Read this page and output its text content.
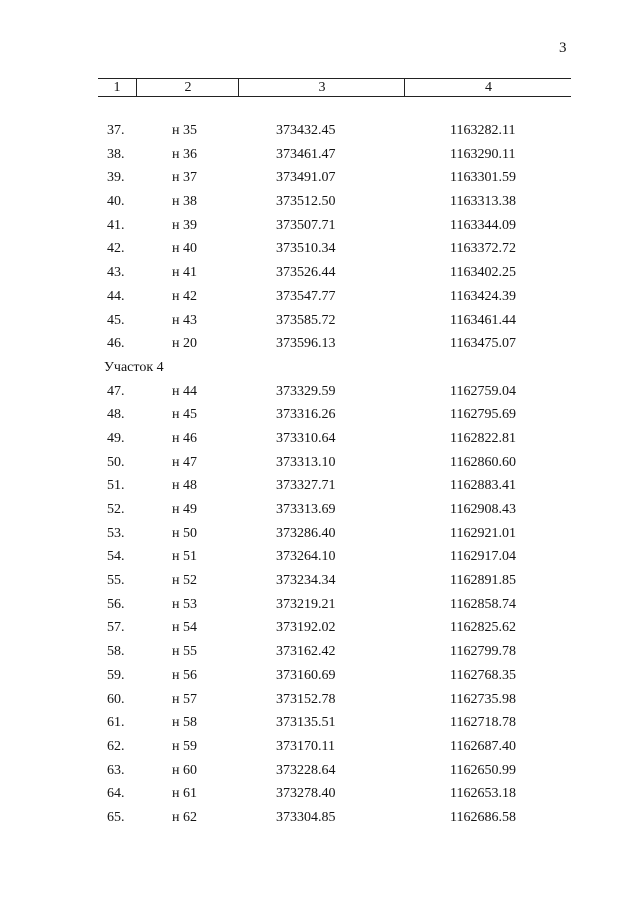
3
1	2	3	4
37.	н 35	373432.45	1163282.11
38.	н 36	373461.47	1163290.11
39.	н 37	373491.07	1163301.59
40.	н 38	373512.50	1163313.38
41.	н 39	373507.71	1163344.09
42.	н 40	373510.34	1163372.72
43.	н 41	373526.44	1163402.25
44.	н 42	373547.77	1163424.39
45.	н 43	373585.72	1163461.44
46.	н 20	373596.13	1163475.07
Участок 4
47.	н 44	373329.59	1162759.04
48.	н 45	373316.26	1162795.69
49.	н 46	373310.64	1162822.81
50.	н 47	373313.10	1162860.60
51.	н 48	373327.71	1162883.41
52.	н 49	373313.69	1162908.43
53.	н 50	373286.40	1162921.01
54.	н 51	373264.10	1162917.04
55.	н 52	373234.34	1162891.85
56.	н 53	373219.21	1162858.74
57.	н 54	373192.02	1162825.62
58.	н 55	373162.42	1162799.78
59.	н 56	373160.69	1162768.35
60.	н 57	373152.78	1162735.98
61.	н 58	373135.51	1162718.78
62.	н 59	373170.11	1162687.40
63.	н 60	373228.64	1162650.99
64.	н 61	373278.40	1162653.18
65.	н 62	373304.85	1162686.58
